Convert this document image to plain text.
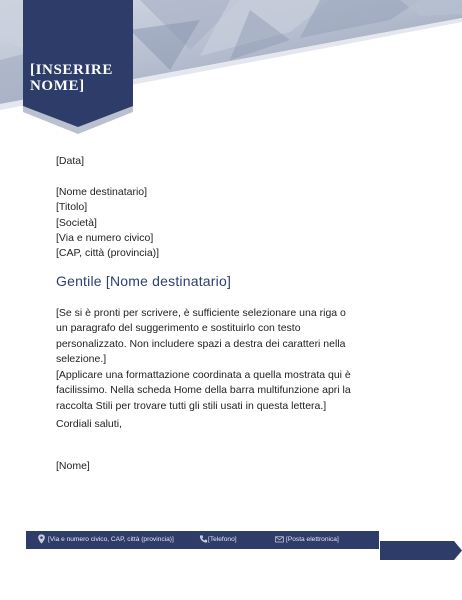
[INSERIRE
NOME]
[Data]
[Nome destinatario]
[Titolo]
[Società]
[Via e numero civico]
[CAP, città (provincia)]
Gentile [Nome destinatario]
[Se si è pronti per scrivere, è sufficiente selezionare una riga o un paragrafo del suggerimento e sostituirlo con testo personalizzato. Non includere spazi a destra dei caratteri nella selezione.]
[Applicare una formattazione coordinata a quella mostrata qui è facilissimo. Nella scheda Home della barra multifunzione apri la raccolta Stili per trovare tutti gli stili usati in questa lettera.]
Cordiali saluti,
[Nome]
[Via e numero civico, CAP, città (provincia)]	[Telefono]	[Posta elettronica]
